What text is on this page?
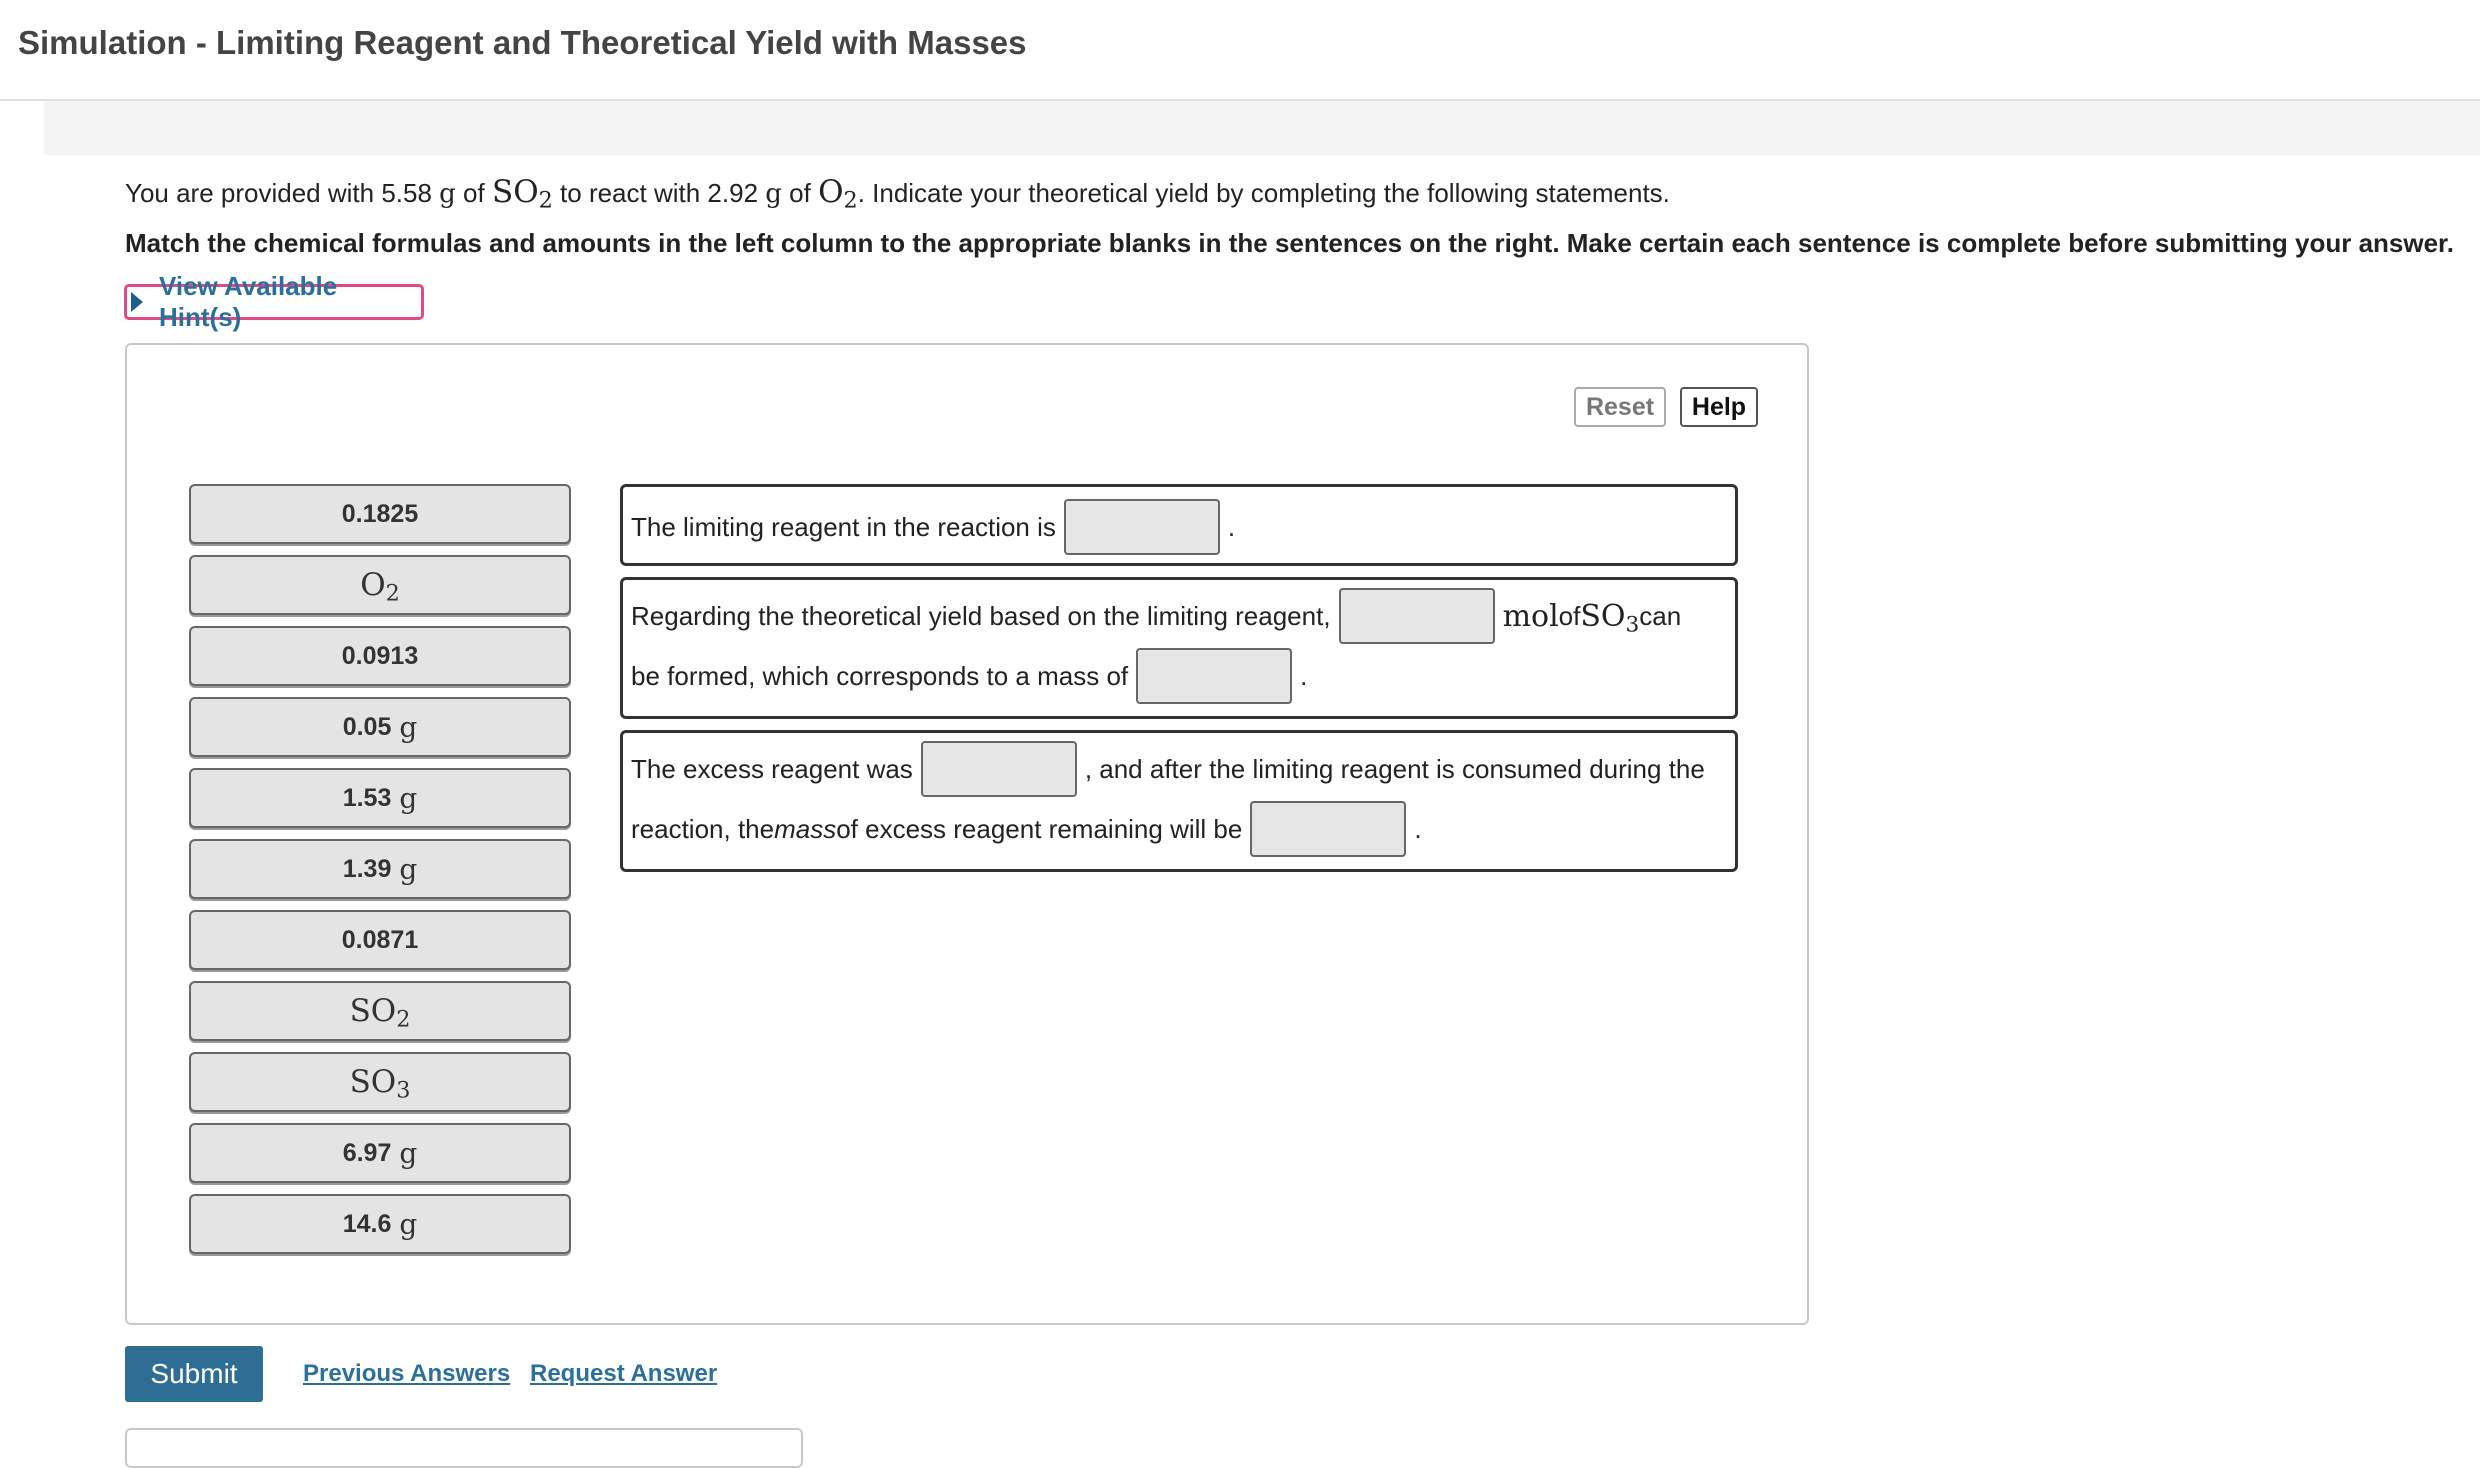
Simulation - Limiting Reagent and Theoretical Yield with Masses

You are provided with 5.58 g of $SO_2$ to react with 2.92 g of $O_2$. Indicate your theoretical yield by completing the following statements.

Match the chemical formulas and amounts in the left column to the appropriate blanks in the sentences on the right. Make certain each sentence is complete before submitting your answer.

View Available Hint(s)
Reset	Help
0.1825
$O_2$
0.0913
0.05 g
1.53 g
1.39 g
0.0871
$SO_2$
$SO_3$
6.97 g
14.6 g
The limiting reagent in the reaction is	.
Regarding the theoretical yield based on the limiting reagent,	mol of $SO_3$ can
be formed, which corresponds to a mass of	.
The excess reagent was	, and after the limiting reagent is consumed during the
reaction, the mass of excess reagent remaining will be	.
Submit	Previous Answers Request Answer
